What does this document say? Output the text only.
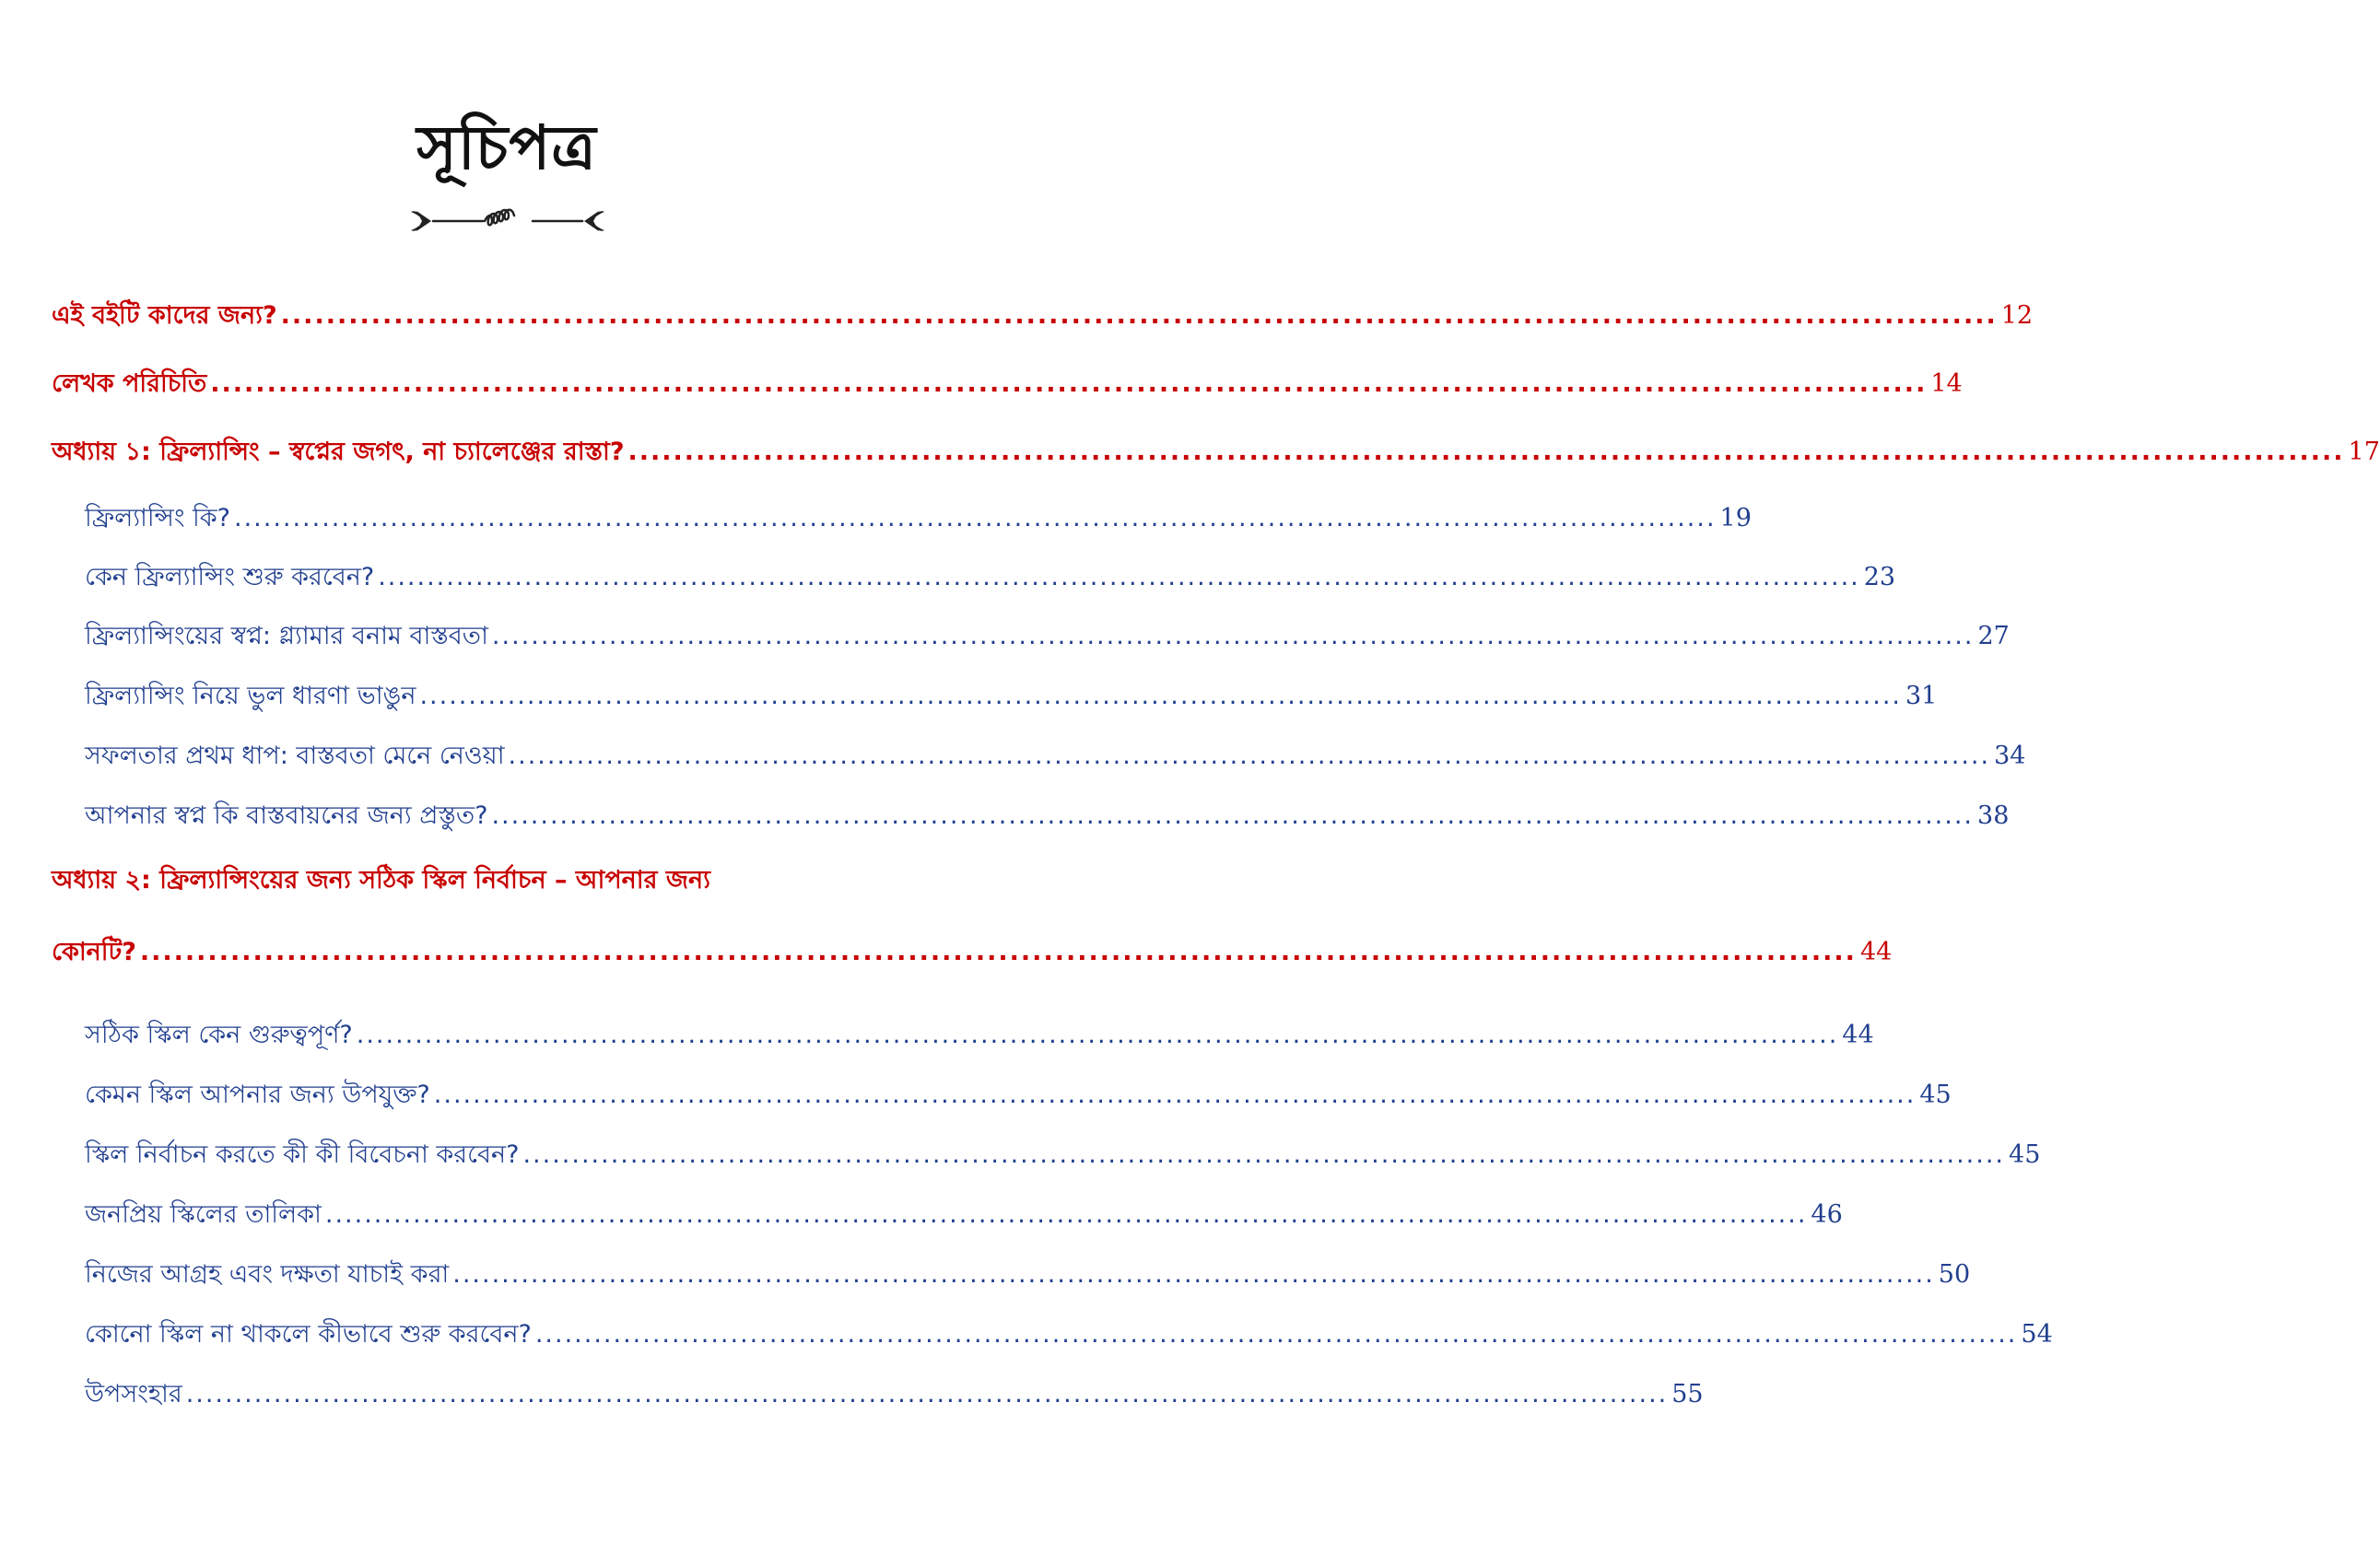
সূচিপত্র
এই বইটি কাদের জন্য? ........................................................................................................................................................ 12
লেখক পরিচিতি ........................................................................................................................................................ 14
অধ্যায় ১: ফ্রিল্যান্সিং – স্বপ্নের জগৎ, না চ্যালেঞ্জের রাস্তা? ........................................................................................................................................................ 17
ফ্রিল্যান্সিং কি? ........................................................................................................................................................ 19
কেন ফ্রিল্যান্সিং শুরু করবেন? ........................................................................................................................................................ 23
ফ্রিল্যান্সিংয়ের স্বপ্ন: গ্ল্যামার বনাম বাস্তবতা ........................................................................................................................................................ 27
ফ্রিল্যান্সিং নিয়ে ভুল ধারণা ভাঙুন ........................................................................................................................................................ 31
সফলতার প্রথম ধাপ: বাস্তবতা মেনে নেওয়া ........................................................................................................................................................ 34
আপনার স্বপ্ন কি বাস্তবায়নের জন্য প্রস্তুত? ........................................................................................................................................................ 38
অধ্যায় ২: ফ্রিল্যান্সিংয়ের জন্য সঠিক স্কিল নির্বাচন – আপনার জন্য
কোনটি? ........................................................................................................................................................ 44
সঠিক স্কিল কেন গুরুত্বপূর্ণ? ........................................................................................................................................................ 44
কেমন স্কিল আপনার জন্য উপযুক্ত? ........................................................................................................................................................ 45
স্কিল নির্বাচন করতে কী কী বিবেচনা করবেন? ........................................................................................................................................................ 45
জনপ্রিয় স্কিলের তালিকা ........................................................................................................................................................ 46
নিজের আগ্রহ এবং দক্ষতা যাচাই করা ........................................................................................................................................................ 50
কোনো স্কিল না থাকলে কীভাবে শুরু করবেন? ........................................................................................................................................................ 54
উপসংহার ........................................................................................................................................................ 55
